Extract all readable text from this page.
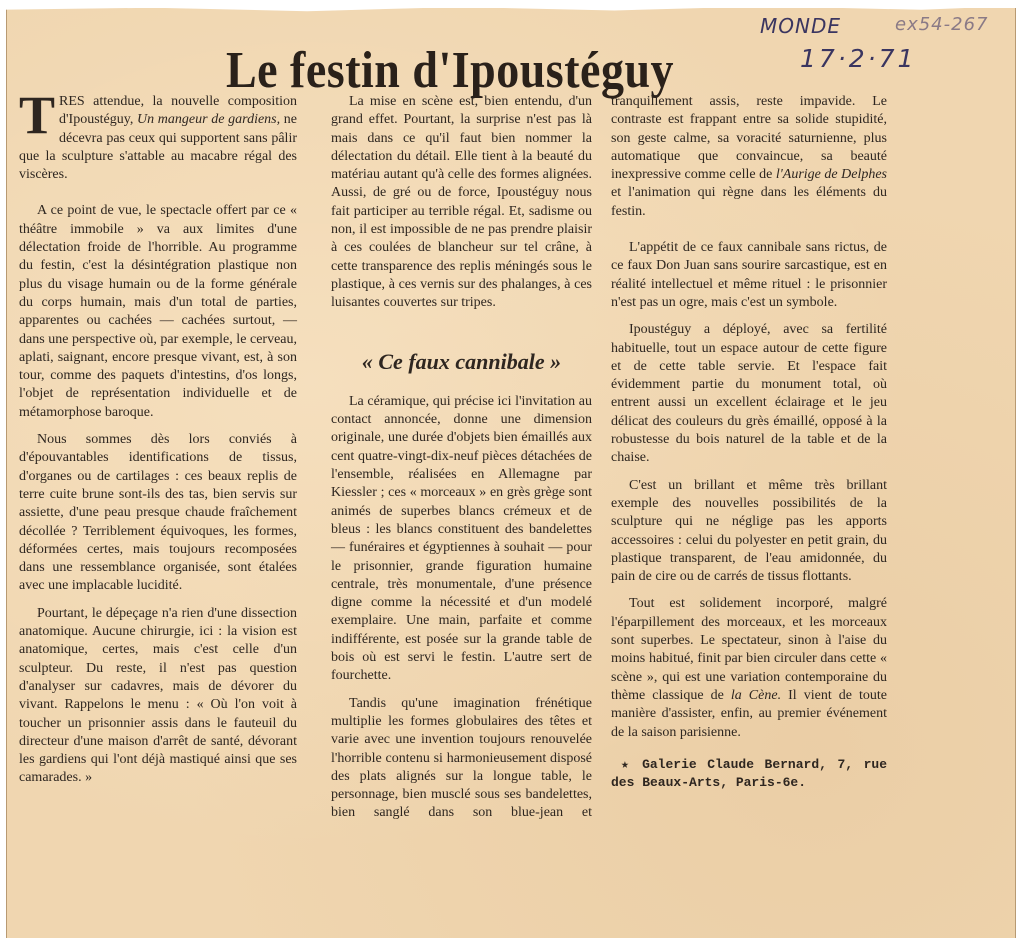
Le festin d'Ipoustéguy
MONDE	ex54-267
17·2·71

TRES attendue, la nouvelle composition d'Ipoustéguy, Un mangeur de gardiens, ne décevra pas ceux qui supportent sans pâlir que la sculpture s'attable au macabre régal des viscères.

A ce point de vue, le spectacle offert par ce « théâtre immobile » va aux limites d'une délectation froide de l'horrible. Au programme du festin, c'est la désintégration plastique non plus du visage humain ou de la forme générale du corps humain, mais d'un total de parties, apparentes ou cachées — cachées surtout, — dans une perspective où, par exemple, le cerveau, aplati, saignant, encore presque vivant, est, à son tour, comme des paquets d'intestins, d'os longs, l'objet de représentation individuelle et de métamorphose baroque.

Nous sommes dès lors conviés à d'épouvantables identifications de tissus, d'organes ou de cartilages : ces beaux replis de terre cuite brune sont-ils des tas, bien servis sur assiette, d'une peau presque chaude fraîchement décollée ? Terriblement équivoques, les formes, déformées certes, mais toujours recomposées dans une ressemblance organisée, sont étalées avec une implacable lucidité.

Pourtant, le dépeçage n'a rien d'une dissection anatomique. Aucune chirurgie, ici : la vision est anatomique, certes, mais c'est celle d'un sculpteur. Du reste, il n'est pas question d'analyser sur cadavres, mais de dévorer du vivant. Rappelons le menu : « Où l'on voit à toucher un prisonnier assis dans le fauteuil du directeur d'une maison d'arrêt de santé, dévorant les gardiens qui l'ont déjà mastiqué ainsi que ses camarades. »

La mise en scène est, bien entendu, d'un grand effet. Pourtant, la surprise n'est pas là mais dans ce qu'il faut bien nommer la délectation du détail. Elle tient à la beauté du matériau autant qu'à celle des formes alignées. Aussi, de gré ou de force, Ipoustéguy nous fait participer au terrible régal. Et, sadisme ou non, il est impossible de ne pas prendre plaisir à ces coulées de blancheur sur tel crâne, à cette transparence des replis méningés sous le plastique, à ces vernis sur des phalanges, à ces luisantes couvertes sur tripes.

« Ce faux cannibale »

La céramique, qui précise ici l'invitation au contact annoncée, donne une dimension originale, une durée d'objets bien émaillés aux cent quatre-vingt-dix-neuf pièces détachées de l'ensemble, réalisées en Allemagne par Kiessler ; ces « morceaux » en grès grège sont animés de superbes blancs crémeux et de bleus : les blancs constituent des bandelettes — funéraires et égyptiennes à souhait — pour le prisonnier, grande figuration humaine centrale, très monumentale, d'une présence digne comme la nécessité et d'un modelé exemplaire. Une main, parfaite et comme indifférente, est posée sur la grande table de bois où est servi le festin. L'autre sert de fourchette.

Tandis qu'une imagination frénétique multiplie les formes globulaires des têtes et varie avec une invention toujours renouvelée l'horrible contenu si harmonieusement disposé des plats alignés sur la longue table, le personnage, bien musclé sous ses bandelettes, bien sanglé dans son blue-jean et

tranquillement assis, reste impavide. Le contraste est frappant entre sa solide stupidité, son geste calme, sa voracité saturnienne, plus automatique que convaincue, sa beauté inexpressive comme celle de l'Aurige de Delphes et l'animation qui règne dans les éléments du festin.

L'appétit de ce faux cannibale sans rictus, de ce faux Don Juan sans sourire sarcastique, est en réalité intellectuel et même rituel : le prisonnier n'est pas un ogre, mais c'est un symbole.

Ipoustéguy a déployé, avec sa fertilité habituelle, tout un espace autour de cette figure et de cette table servie. Et l'espace fait évidemment partie du monument total, où entrent aussi un excellent éclairage et le jeu délicat des couleurs du grès émaillé, opposé à la robustesse du bois naturel de la table et de la chaise.

C'est un brillant et même très brillant exemple des nouvelles possibilités de la sculpture qui ne néglige pas les apports accessoires : celui du polyester en petit grain, du plastique transparent, de l'eau amidonnée, du pain de cire ou de carrés de tissus flottants.

Tout est solidement incorporé, malgré l'éparpillement des morceaux, et les morceaux sont superbes. Le spectateur, sinon à l'aise du moins habitué, finit par bien circuler dans cette « scène », qui est une variation contemporaine du thème classique de la Cène. Il vient de toute manière d'assister, enfin, au premier événement de la saison parisienne.

★ Galerie Claude Bernard, 7, rue des Beaux-Arts, Paris-6e.
